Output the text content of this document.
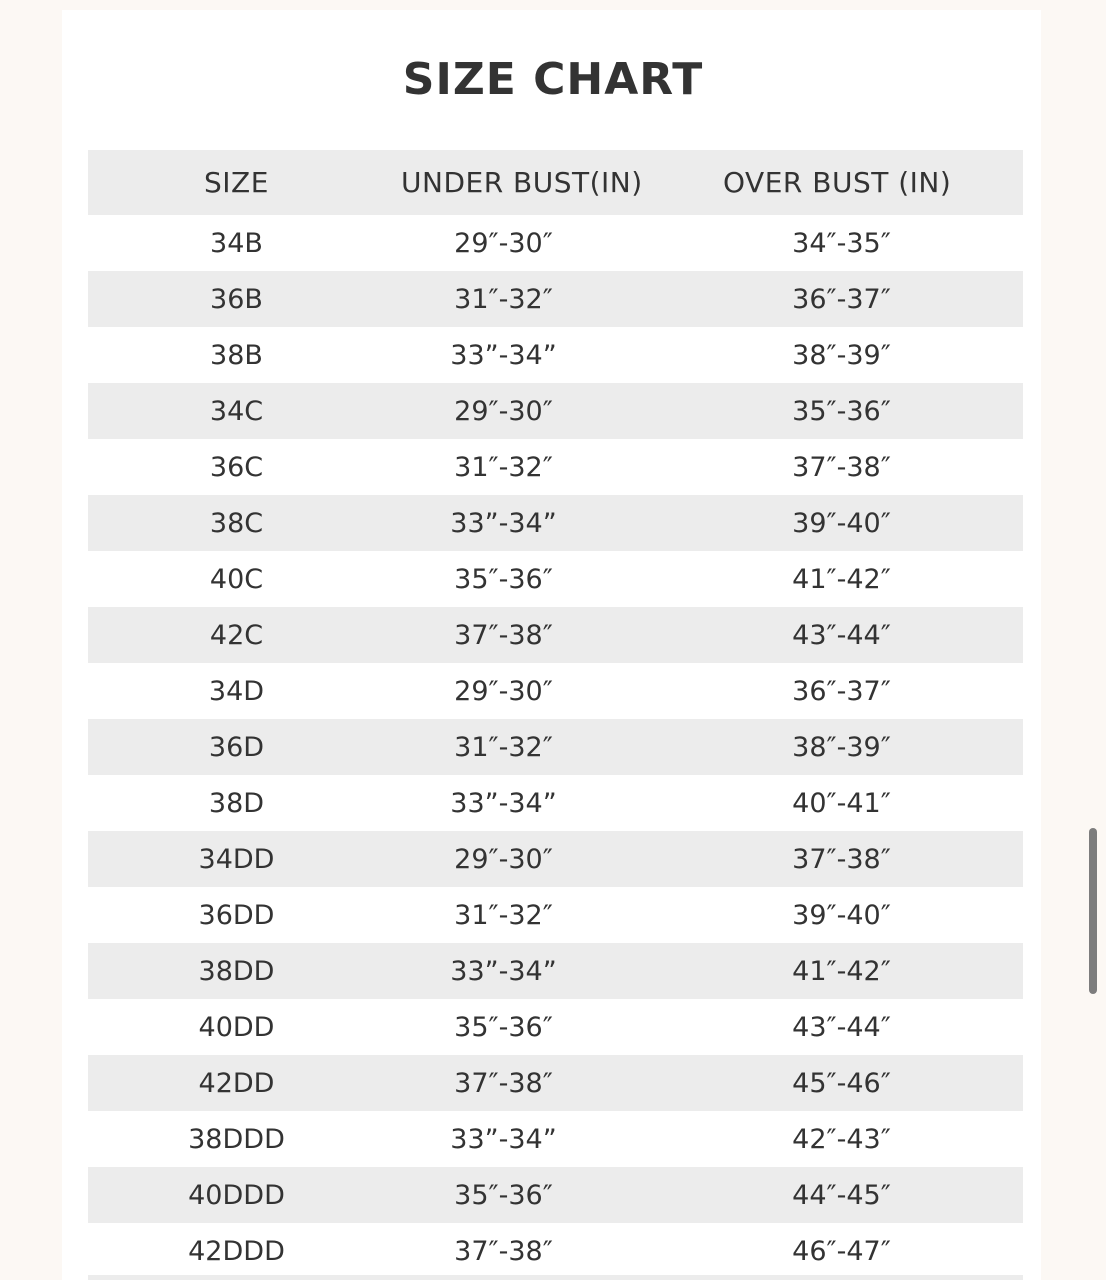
SIZE CHART
SIZE	UNDER BUST(IN)	OVER BUST (IN)
34B	29″-30″	34″-35″
36B	31″-32″	36″-37″
38B	33”-34”	38″-39″
34C	29″-30″	35″-36″
36C	31″-32″	37″-38″
38C	33”-34”	39″-40″
40C	35″-36″	41″-42″
42C	37″-38″	43″-44″
34D	29″-30″	36″-37″
36D	31″-32″	38″-39″
38D	33”-34”	40″-41″
34DD	29″-30″	37″-38″
36DD	31″-32″	39″-40″
38DD	33”-34”	41″-42″
40DD	35″-36″	43″-44″
42DD	37″-38″	45″-46″
38DDD	33”-34”	42″-43″
40DDD	35″-36″	44″-45″
42DDD	37″-38″	46″-47″
